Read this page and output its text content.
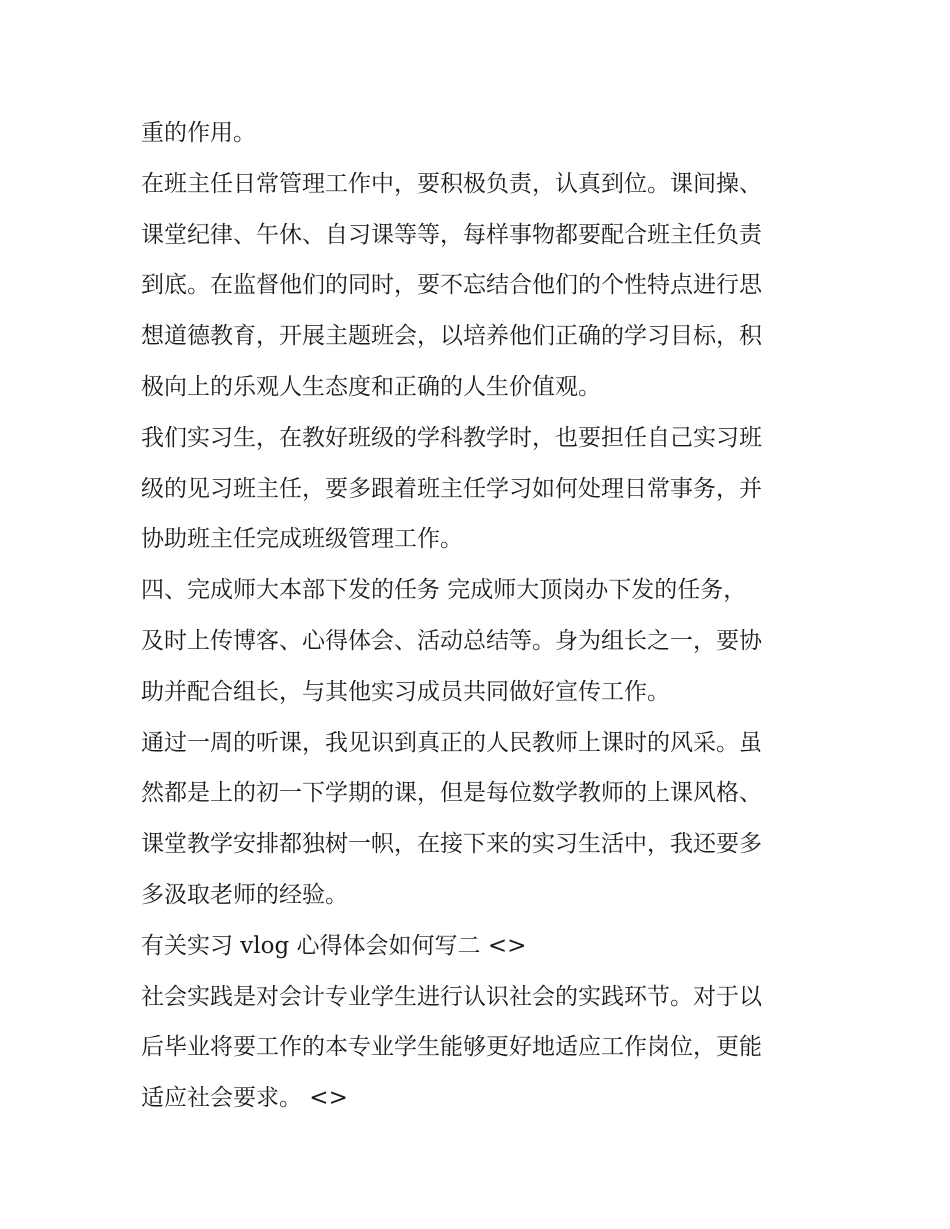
重的作用。
在班主任日常管理工作中，要积极负责，认真到位。课间操、
课堂纪律、午休、自习课等等，每样事物都要配合班主任负责
到底。在监督他们的同时，要不忘结合他们的个性特点进行思
想道德教育，开展主题班会，以培养他们正确的学习目标，积
极向上的乐观人生态度和正确的人生价值观。
我们实习生，在教好班级的学科教学时，也要担任自己实习班
级的见习班主任，要多跟着班主任学习如何处理日常事务，并
协助班主任完成班级管理工作。
四、完成师大本部下发的任务 完成师大顶岗办下发的任务，
及时上传博客、心得体会、活动总结等。身为组长之一，要协
助并配合组长，与其他实习成员共同做好宣传工作。
通过一周的听课，我见识到真正的人民教师上课时的风采。虽
然都是上的初一下学期的课，但是每位数学教师的上课风格、
课堂教学安排都独树一帜，在接下来的实习生活中，我还要多
多汲取老师的经验。
有关实习 vlog 心得体会如何写二 <>
社会实践是对会计专业学生进行认识社会的实践环节。对于以
后毕业将要工作的本专业学生能够更好地适应工作岗位，更能
适应社会要求。 <>
